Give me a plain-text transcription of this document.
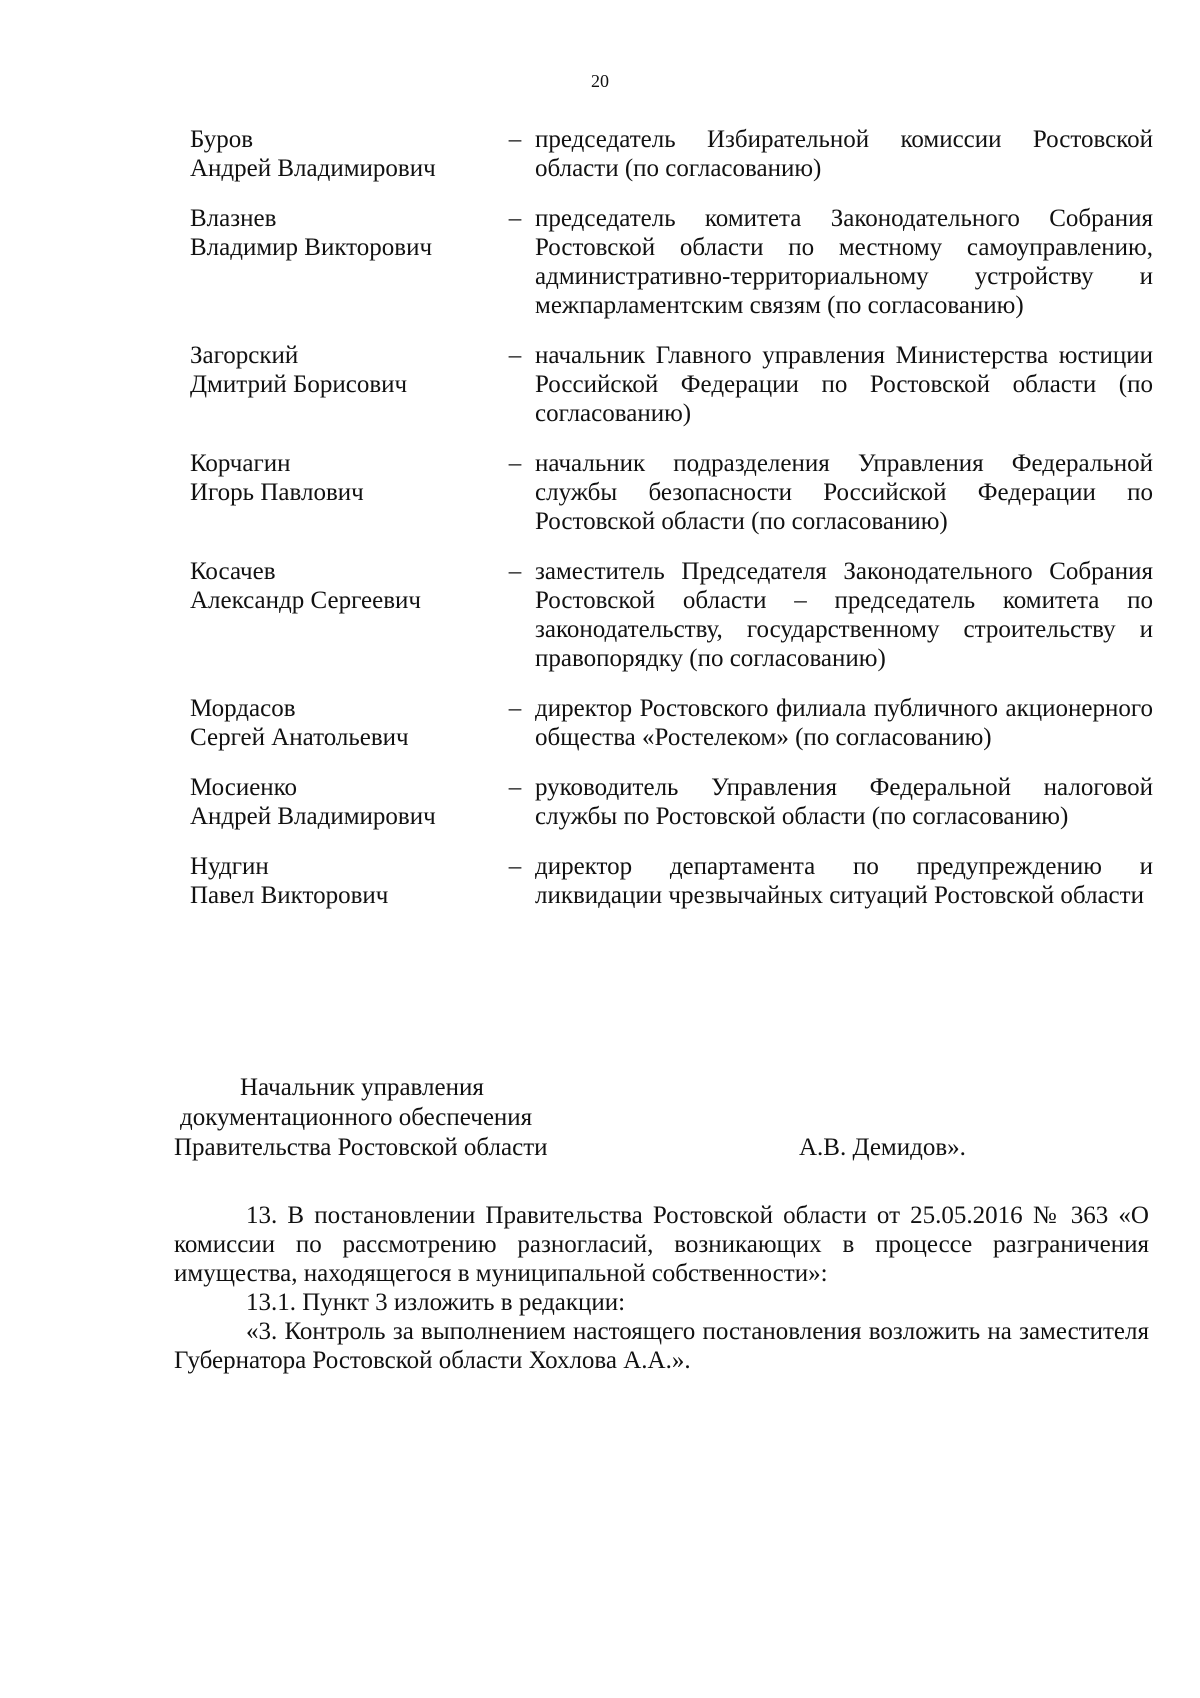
20
Буров
Андрей Владимирович
– председатель Избирательной комиссии Ростовской области (по согласованию)
Влазнев
Владимир Викторович
– председатель комитета Законодательного Собрания Ростовской области по местному самоуправлению, административно-территориальному устройству и межпарламентским связям (по согласованию)
Загорский
Дмитрий Борисович
– начальник Главного управления Министерства юстиции Российской Федерации по Ростовской области (по согласованию)
Корчагин
Игорь Павлович
– начальник подразделения Управления Федеральной службы безопасности Российской Федерации по Ростовской области (по согласованию)
Косачев
Александр Сергеевич
– заместитель Председателя Законодательного Собрания Ростовской области – председатель комитета по законодательству, государственному строительству и правопорядку (по согласованию)
Мордасов
Сергей Анатольевич
– директор Ростовского филиала публичного акционерного общества «Ростелеком» (по согласованию)
Мосиенко
Андрей Владимирович
– руководитель Управления Федеральной налоговой службы по Ростовской области (по согласованию)
Нудгин
Павел Викторович
– директор департамента по предупреждению и ликвидации чрезвычайных ситуаций Ростовской области
Начальник управления
документационного обеспечения
Правительства Ростовской области	А.В. Демидов».

13. В постановлении Правительства Ростовской области от 25.05.2016 № 363 «О комиссии по рассмотрению разногласий, возникающих в процессе разграничения имущества, находящегося в муниципальной собственности»:

13.1. Пункт 3 изложить в редакции:

«3. Контроль за выполнением настоящего постановления возложить на заместителя Губернатора Ростовской области Хохлова А.А.».
